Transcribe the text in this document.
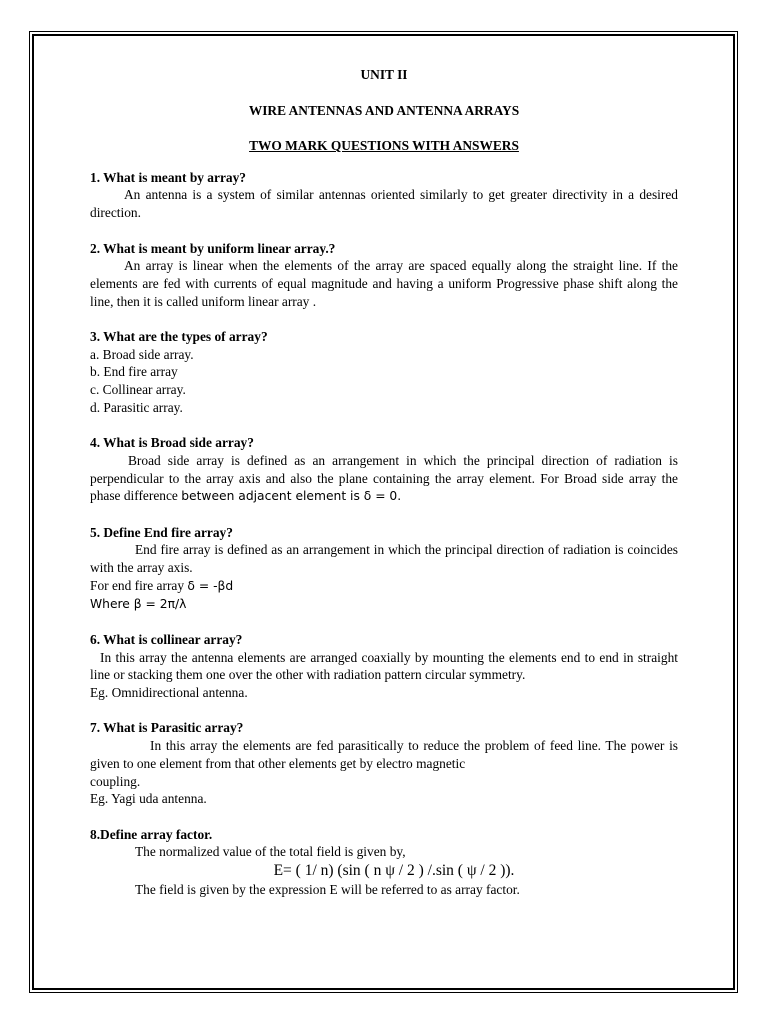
UNIT II

WIRE ANTENNAS AND ANTENNA ARRAYS

TWO MARK QUESTIONS WITH ANSWERS

1. What is meant by array?

An antenna is a system of similar antennas oriented similarly to get greater directivity in a desired direction.

2. What is meant by uniform linear array.?

An array is linear when the elements of the array are spaced equally along the straight line. If the elements are fed with currents of equal magnitude and having a uniform Progressive phase shift along the line, then it is called uniform linear array .

3. What are the types of array?

a. Broad side array.

b. End fire array

c. Collinear array.

d. Parasitic array.

4. What is Broad side array?

Broad side array is defined as an arrangement in which the principal direction of radiation is perpendicular to the array axis and also the plane containing the array element. For Broad side array the phase difference between adjacent element is δ = 0.

5. Define End fire array?

End fire array is defined as an arrangement in which the principal direction of radiation is coincides with the array axis.

For end fire array δ = -βd

Where β = 2π/λ

6. What is collinear array?

In this array the antenna elements are arranged coaxially by mounting the elements end to end in straight line or stacking them one over the other with radiation pattern circular symmetry.

Eg. Omnidirectional antenna.

7. What is Parasitic array?

In this array the elements are fed parasitically to reduce the problem of feed line. The power is given to one element from that other elements get by electro magnetic

coupling.

Eg. Yagi uda antenna.

8.Define array factor.

The normalized value of the total field is given by,

E= ( 1/ n) (sin ( n ψ / 2 ) /.sin ( ψ / 2 )).

The field is given by the expression E will be referred to as array factor.
